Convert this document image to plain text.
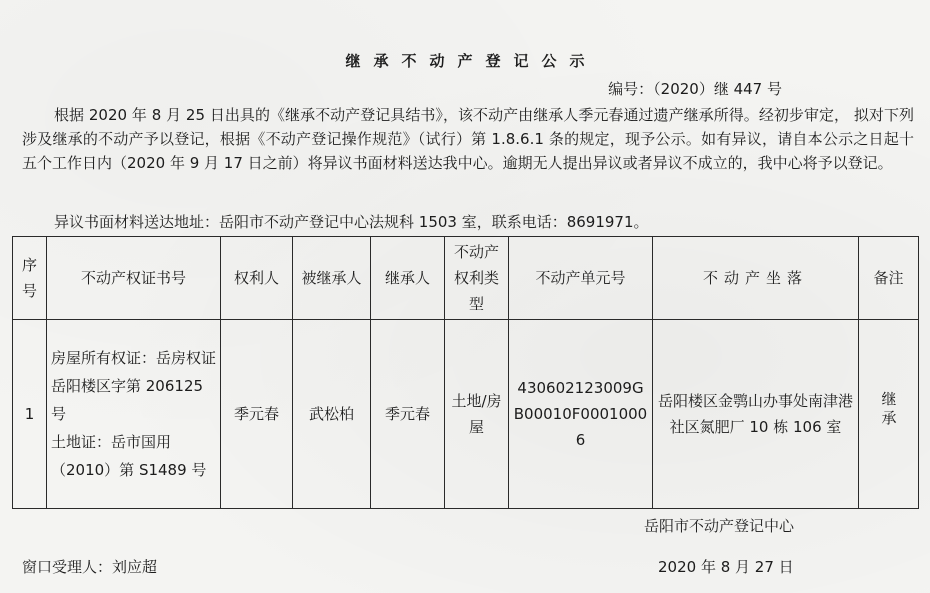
继承不动产登记公示
编号：（2020）继 447 号

根据 2020 年 8 月 25 日出具的《继承不动产登记具结书》，该不动产由继承人季元春通过遗产继承所得。经初步审定， 拟对下列涉及继承的不动产予以登记，根据《不动产登记操作规范》（试行）第 1.8.6.1 条的规定，现予公示。如有异议，请自本公示之日起十五个工作日内（2020 年 9 月 17 日之前）将异议书面材料送达我中心。逾期无人提出异议或者异议不成立的，我中心将予以登记。

异议书面材料送达地址：岳阳市不动产登记中心法规科 1503 室，联系电话：8691971。

序号	不动产权证书号	权利人	被继承人	继承人	不动产权利类型	不动产单元号	不动产坐落	备注
1	房屋所有权证：岳房权证岳阳楼区字第 206125 号
土地证：岳市国用（2010）第 S1489 号	季元春	武松柏	季元春	土地/房屋	430602123009GB00010F00010006	岳阳楼区金鹗山办事处南津港社区氮肥厂 10 栋 106 室	继承
岳阳市不动产登记中心
窗口受理人：刘应超	2020 年 8 月 27 日
